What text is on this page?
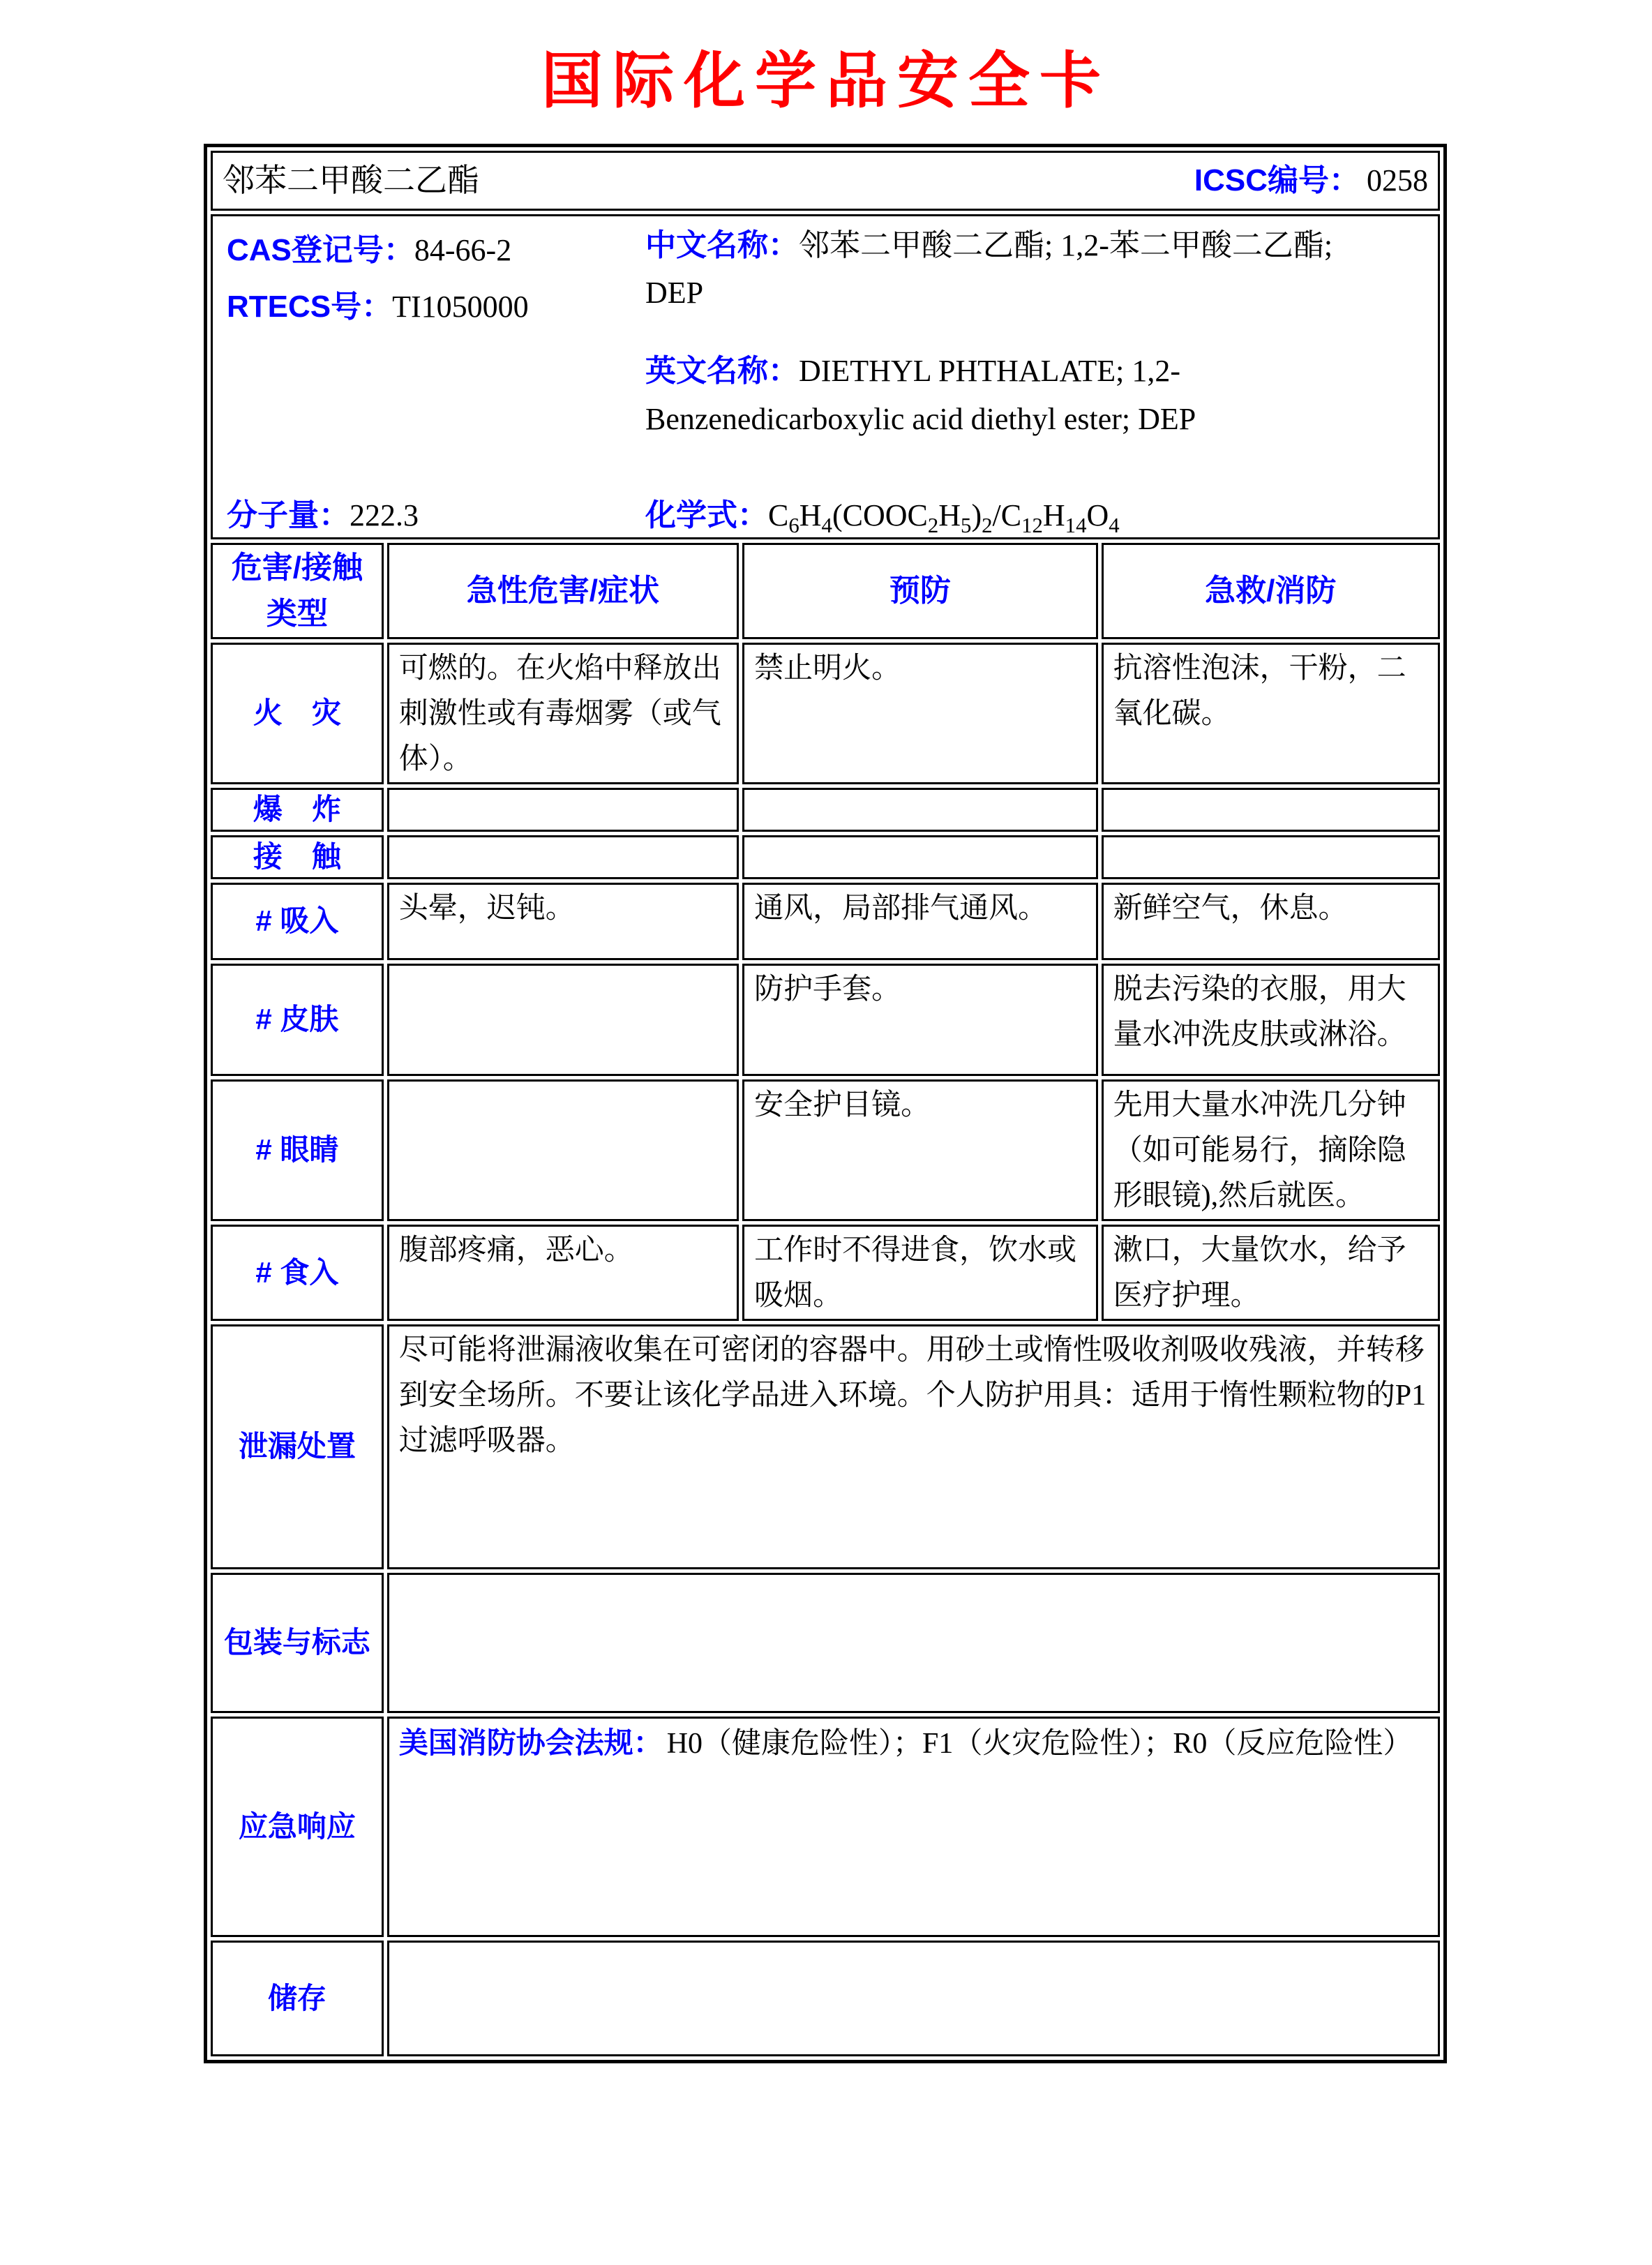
国际化学品安全卡
邻苯二甲酸二乙酯 ICSC编号： 0258			

CAS登记号：84-66-2
RTECS号：TI1050000
中文名称：邻苯二甲酸二乙酯; 1,2-苯二甲酸二乙酯; DEP
英文名称：DIETHYL PHTHALATE; 1,2-Benzenedicarboxylic acid diethyl ester; DEP
分子量：222.3	化学式：$C_6H_4(COOC_2H_5)_2/C_{12}H_{14}O_4$

危害/接触
类型	急性危害/症状	预防	急救/消防
火　灾	可燃的。在火焰中释放出刺激性或有毒烟雾（或气体）。	禁止明火。	抗溶性泡沫，干粉，二氧化碳。
爆　炸			
接　触			
# 吸入	头晕，迟钝。	通风，局部排气通风。	新鲜空气，休息。
# 皮肤		防护手套。	脱去污染的衣服，用大量水冲洗皮肤或淋浴。
# 眼睛		安全护目镜。	先用大量水冲洗几分钟（如可能易行，摘除隐形眼镜),然后就医。
# 食入	腹部疼痛，恶心。	工作时不得进食，饮水或吸烟。	漱口，大量饮水，给予医疗护理。
泄漏处置	尽可能将泄漏液收集在可密闭的容器中。用砂土或惰性吸收剂吸收残液，并转移到安全场所。不要让该化学品进入环境。个人防护用具：适用于惰性颗粒物的P1过滤呼吸器。		
包装与标志			
应急响应	美国消防协会法规： H0（健康危险性）；F1（火灾危险性）；R0（反应危险性）		
储存			
